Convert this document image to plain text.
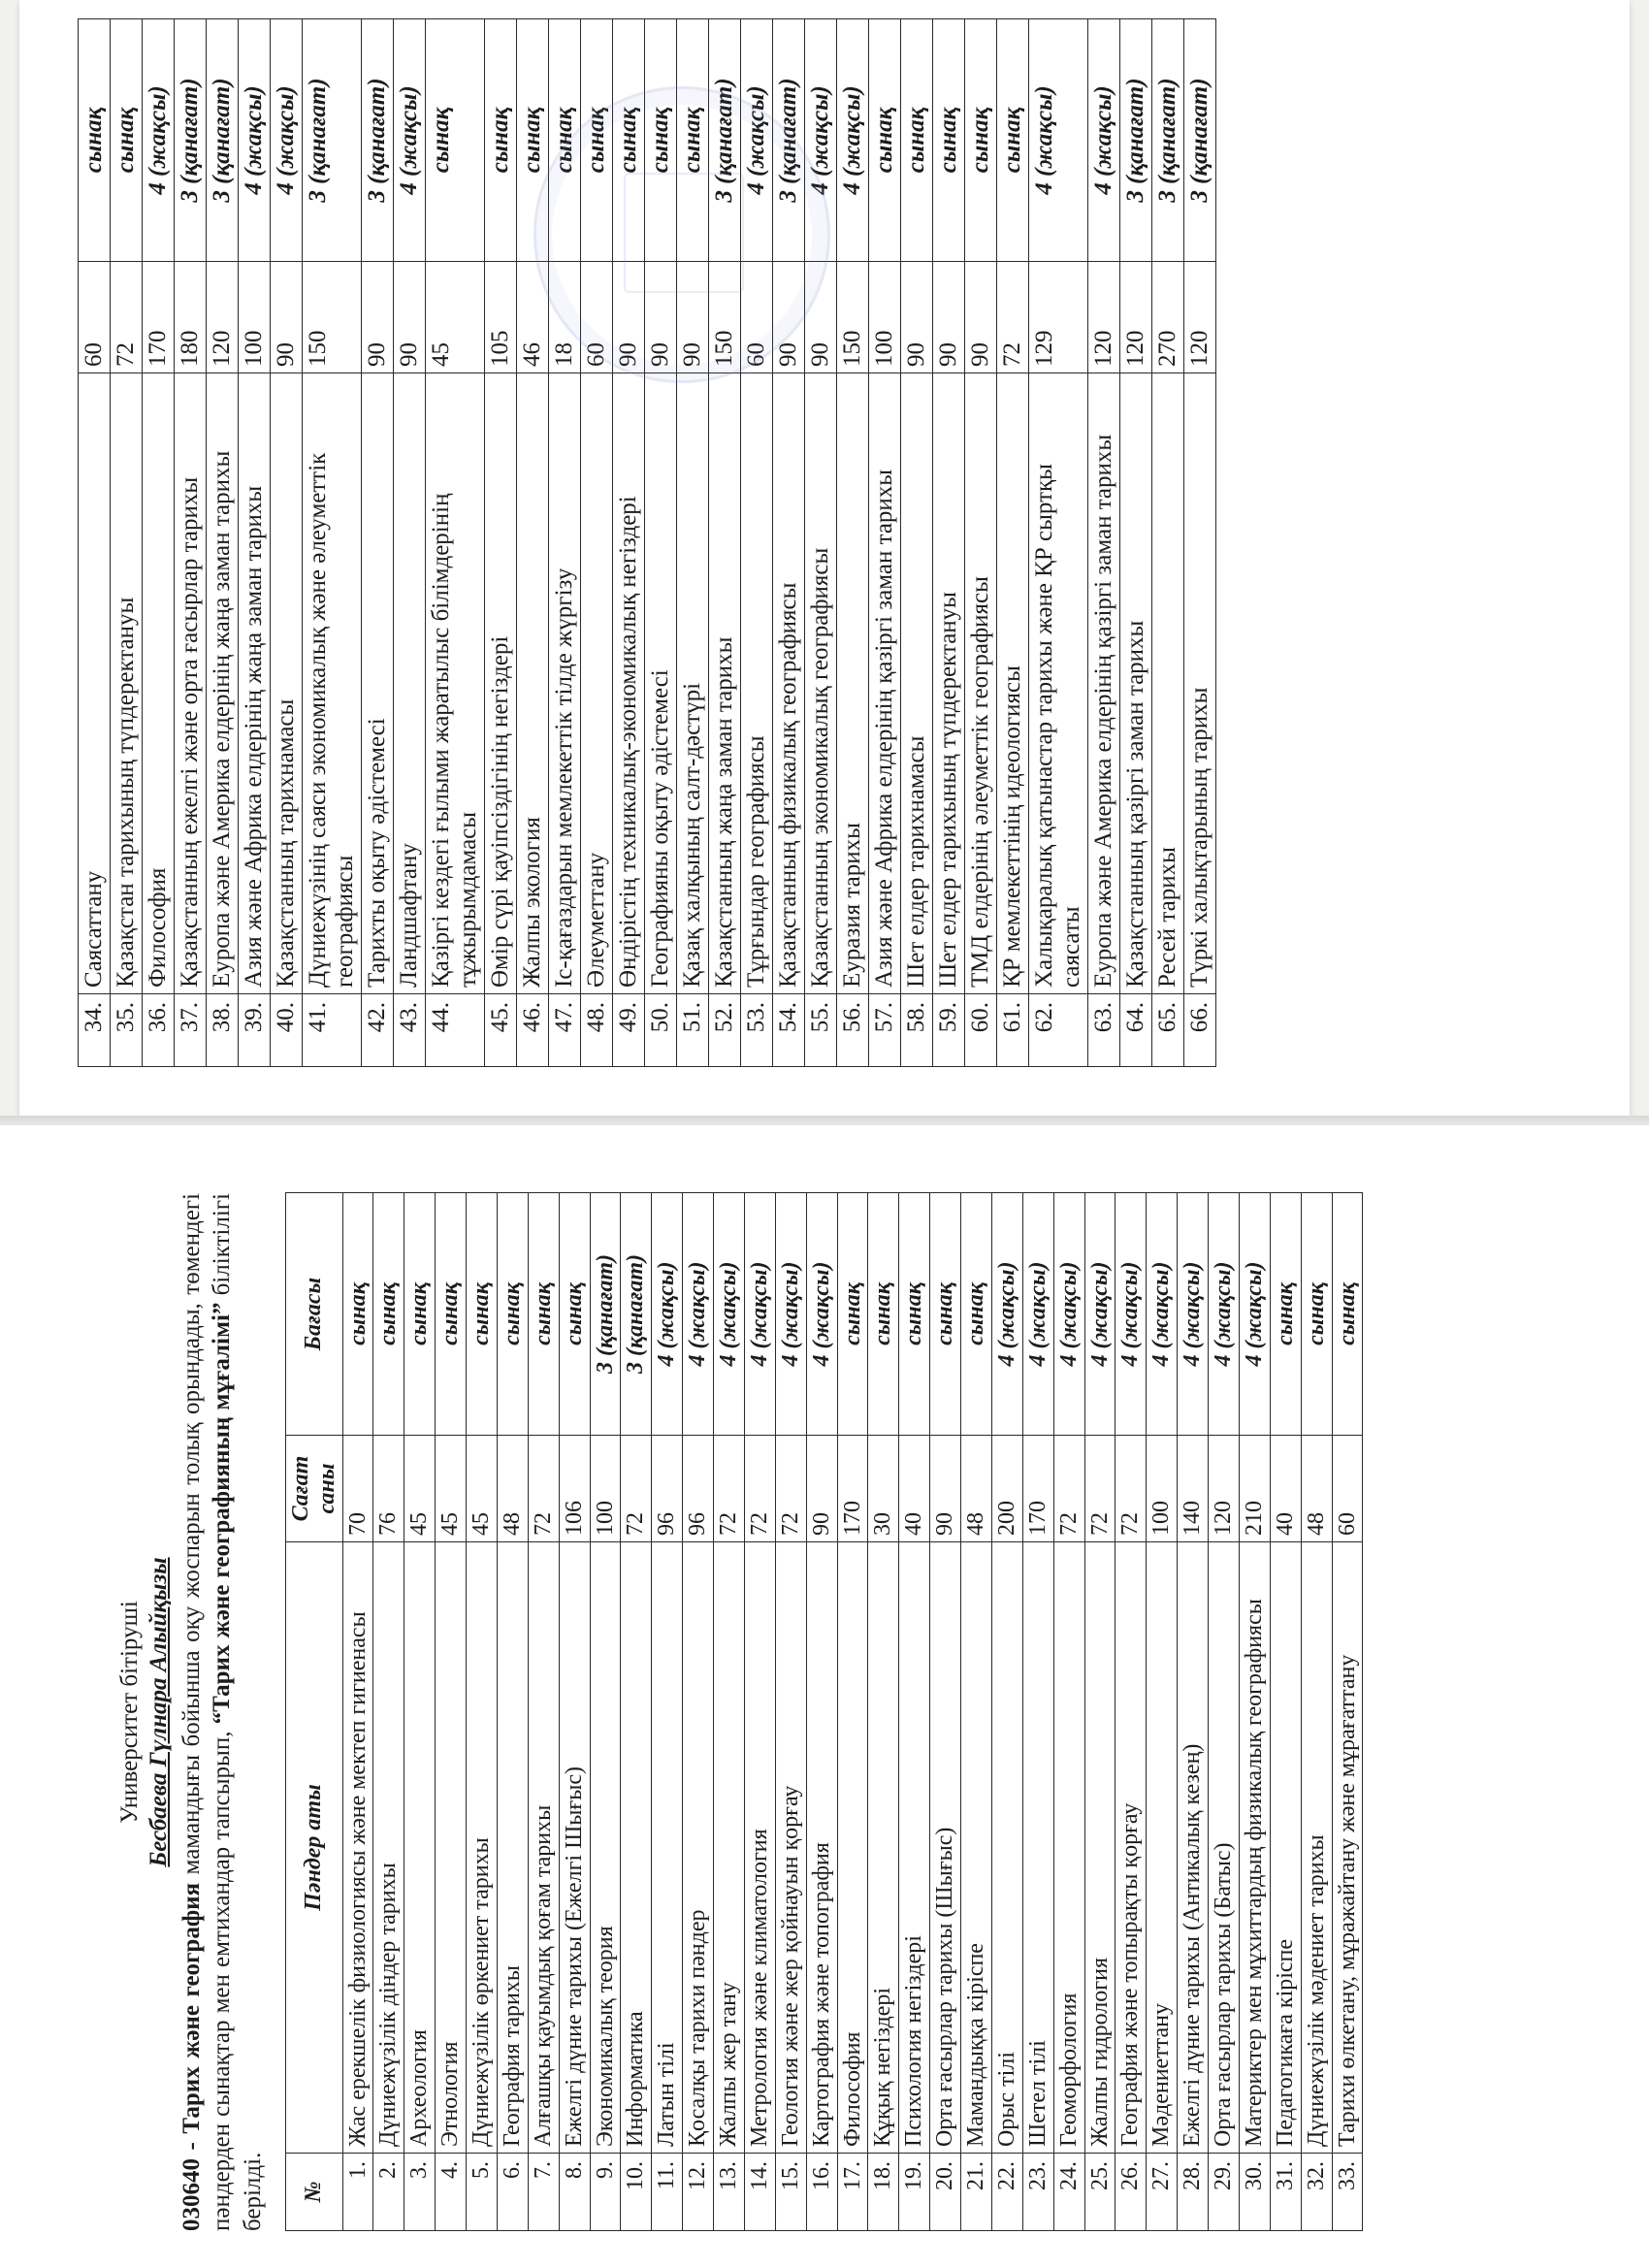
34.	Саясаттану	60	сынақ
35.	Қазақстан тарихының түпдеректануы	72	сынақ
36.	Философия	170	4 (жақсы)
37.	Қазақстанның ежелгі және орта ғасырлар тарихы	180	3 (қанағат)
38.	Еуропа және Америка елдерінің жаңа заман тарихы	120	3 (қанағат)
39.	Азия және Африка елдерінің жаңа заман тарихы	100	4 (жақсы)
40.	Қазақстанның тарихнамасы	90	4 (жақсы)
41.	Дүниежүзінің саяси экономикалық және әлеуметтік географиясы	150	3 (қанағат)
42.	Тарихты оқыту әдістемесі	90	3 (қанағат)
43.	Ландшафтану	90	4 (жақсы)
44.	Қазіргі кездегі ғылыми жаратылыс білімдерінің тұжырымдамасы	45	сынақ
45.	Өмір сүрі қауіпсіздігінің негіздері	105	сынақ
46.	Жалпы экология	46	сынақ
47.	Іс-қағаздарын мемлекеттік тілде жүргізу	18	сынақ
48.	Әлеуметтану	60	сынақ
49.	Өндірістің техникалық-экономикалық негіздері	90	сынақ
50.	Географияны оқыту әдістемесі	90	сынақ
51.	Қазақ халқының салт-дәстүрі	90	сынақ
52.	Қазақстанның жаңа заман тарихы	150	3 (қанағат)
53.	Тұрғындар географиясы	60	4 (жақсы)
54.	Қазақстанның физикалық географиясы	90	3 (қанағат)
55.	Қазақстанның экономикалық географиясы	90	4 (жақсы)
56.	Еуразия тарихы	150	4 (жақсы)
57.	Азия және Африка елдерінің қазіргі заман тарихы	100	сынақ
58.	Шет елдер тарихнамасы	90	сынақ
59.	Шет елдер тарихының түпдеректануы	90	сынақ
60.	ТМД елдерінің әлеуметтік географиясы	90	сынақ
61.	ҚР мемлекеттінің идеологиясы	72	сынақ
62.	Халықаралық қатынастар тарихы және ҚР сыртқы саясаты	129	4 (жақсы)
63.	Еуропа және Америка елдерінің қазіргі заман тарихы	120	4 (жақсы)
64.	Қазақстанның қазіргі заман тарихы	120	3 (қанағат)
65.	Ресей тарихы	270	3 (қанағат)
66.	Түркі халықтарының тарихы	120	3 (қанағат)
Университет бітіруші Бесбаева Гүлнара Алыйқызы

030640 - Тарих және география мамандығы бойынша оқу жоспарын толық орындады, төмендегі пәндерден сынақтар мен емтихандар тапсырып, “Тарих және географияның мұғалімі” біліктілігі берілді. №	Пәндер аты	Сағат саны	Бағасы
1.	Жас ерекшелік физиологиясы және мектеп гигиенасы	70	сынақ
2.	Дүниежүзілік діндер тарихы	76	сынақ
3.	Археология	45	сынақ
4.	Этнология	45	сынақ
5.	Дүниежүзілік өркениет тарихы	45	сынақ
6.	География тарихы	48	сынақ
7.	Алғашқы қауымдық қоғам тарихы	72	сынақ
8.	Ежелгі дүние тарихы (Ежелгі Шығыс)	106	сынақ
9.	Экономикалық теория	100	3 (қанағат)
10.	Информатика	72	3 (қанағат)
11.	Латын тілі	96	4 (жақсы)
12.	Қосалқы тарихи пәндер	96	4 (жақсы)
13.	Жалпы жер тану	72	4 (жақсы)
14.	Метрология және климатология	72	4 (жақсы)
15.	Геология және жер қойнауын қорғау	72	4 (жақсы)
16.	Картография және топография	90	4 (жақсы)
17.	Философия	170	сынақ
18.	Құқық негіздері	30	сынақ
19.	Психология негіздері	40	сынақ
20.	Орта ғасырлар тарихы (Шығыс)	90	сынақ
21.	Мамандыққа кіріспе	48	сынақ
22.	Орыс тілі	200	4 (жақсы)
23.	Шетел тілі	170	4 (жақсы)
24.	Геоморфология	72	4 (жақсы)
25.	Жалпы гидрология	72	4 (жақсы)
26.	География және топырақты қорғау	72	4 (жақсы)
27.	Мәдениеттану	100	4 (жақсы)
28.	Ежелгі дүние тарихы (Антикалық кезең)	140	4 (жақсы)
29.	Орта ғасырлар тарихы (Батыс)	120	4 (жақсы)
30.	Материктер мен мұхиттардың физикалық географиясы	210	4 (жақсы)
31.	Педагогикаға кіріспе	40	сынақ
32.	Дүниежүзілік мәдениет тарихы	48	сынақ
33.	Тарихи өлкетану, мұражайтану және мұрағаттану	60	сынақ
